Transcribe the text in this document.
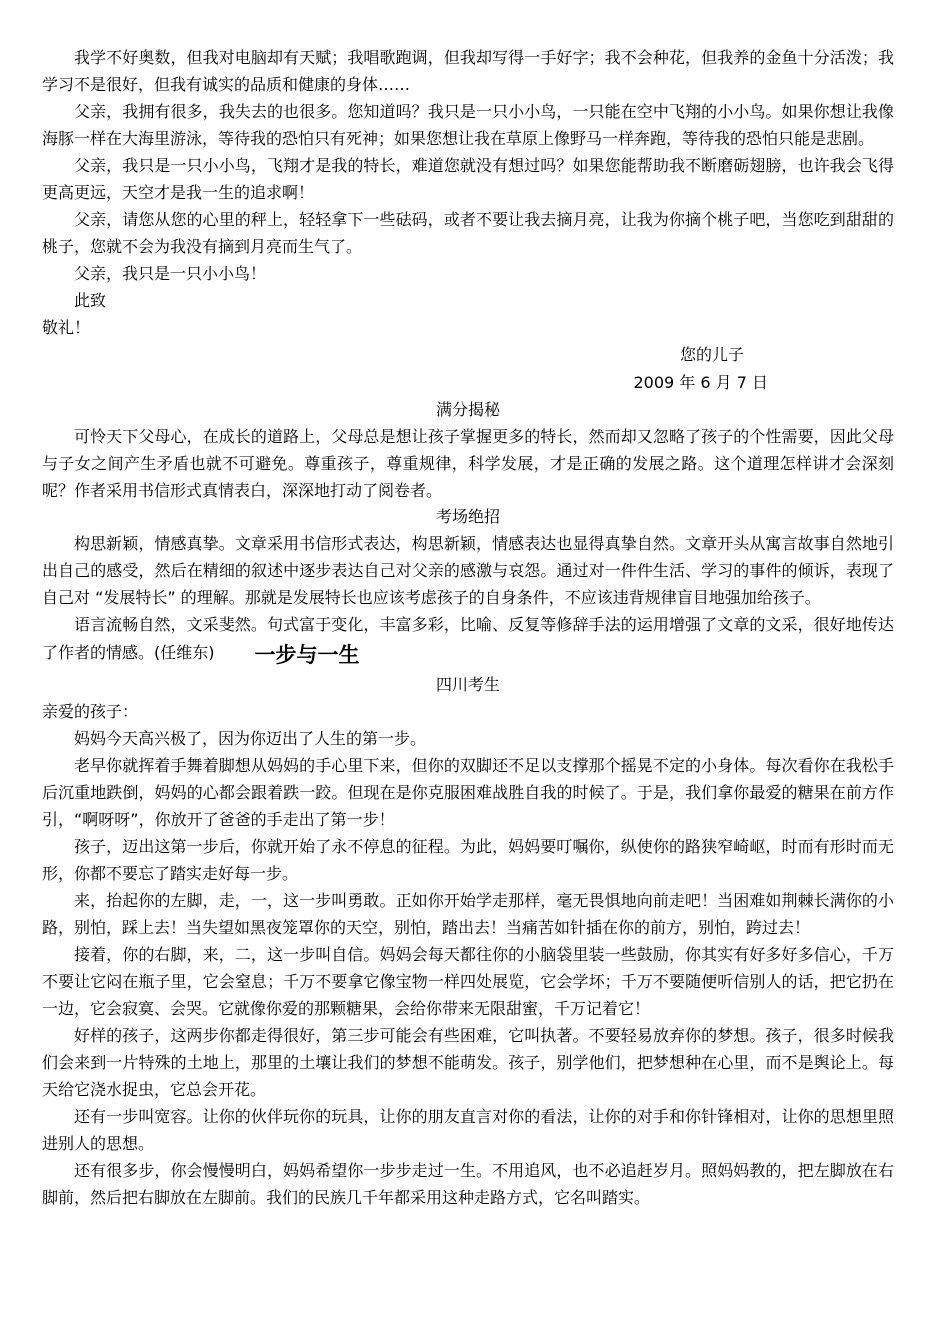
我学不好奥数，但我对电脑却有天赋；我唱歌跑调，但我却写得一手好字；我不会种花，但我养的金鱼十分活泼；我学习不是很好，但我有诚实的品质和健康的身体……

父亲，我拥有很多，我失去的也很多。您知道吗？我只是一只小小鸟，一只能在空中飞翔的小小鸟。如果你想让我像海豚一样在大海里游泳，等待我的恐怕只有死神；如果您想让我在草原上像野马一样奔跑，等待我的恐怕只能是悲剧。

父亲，我只是一只小小鸟，飞翔才是我的特长，难道您就没有想过吗？如果您能帮助我不断磨砺翅膀，也许我会飞得更高更远，天空才是我一生的追求啊！

父亲，请您从您的心里的秤上，轻轻拿下一些砝码，或者不要让我去摘月亮，让我为你摘个桃子吧，当您吃到甜甜的桃子，您就不会为我没有摘到月亮而生气了。

父亲，我只是一只小小鸟！

此致

敬礼！

您的儿子

2009 年 6 月 7 日

满分揭秘

可怜天下父母心，在成长的道路上，父母总是想让孩子掌握更多的特长，然而却又忽略了孩子的个性需要，因此父母与子女之间产生矛盾也就不可避免。尊重孩子，尊重规律，科学发展，才是正确的发展之路。这个道理怎样讲才会深刻呢？作者采用书信形式真情表白，深深地打动了阅卷者。

考场绝招

构思新颖，情感真挚。文章采用书信形式表达，构思新颖，情感表达也显得真挚自然。文章开头从寓言故事自然地引出自己的感受，然后在精细的叙述中逐步表达自己对父亲的感激与哀怨。通过对一件件生活、学习的事件的倾诉，表现了自己对 “发展特长” 的理解。那就是发展特长也应该考虑孩子的自身条件，不应该违背规律盲目地强加给孩子。

语言流畅自然，文采斐然。句式富于变化，丰富多彩，比喻、反复等修辞手法的运用增强了文章的文采，很好地传达了作者的情感。(任维东) 一步与一生

四川考生

亲爱的孩子：

妈妈今天高兴极了，因为你迈出了人生的第一步。

老早你就挥着手舞着脚想从妈妈的手心里下来，但你的双脚还不足以支撑那个摇晃不定的小身体。每次看你在我松手后沉重地跌倒，妈妈的心都会跟着跌一跤。但现在是你克服困难战胜自我的时候了。于是，我们拿你最爱的糖果在前方作引，“啊呀呀”，你放开了爸爸的手走出了第一步！

孩子，迈出这第一步后，你就开始了永不停息的征程。为此，妈妈要叮嘱你，纵使你的路狭窄崎岖，时而有形时而无形，你都不要忘了踏实走好每一步。

来，抬起你的左脚，走，一，这一步叫勇敢。正如你开始学走那样，毫无畏惧地向前走吧！当困难如荆棘长满你的小路，别怕，踩上去！当失望如黑夜笼罩你的天空，别怕，踏出去！当痛苦如针插在你的前方，别怕，跨过去！

接着，你的右脚，来，二，这一步叫自信。妈妈会每天都往你的小脑袋里装一些鼓励，你其实有好多好多信心，千万不要让它闷在瓶子里，它会窒息；千万不要拿它像宝物一样四处展览，它会学坏；千万不要随便听信别人的话，把它扔在一边，它会寂寞、会哭。它就像你爱的那颗糖果，会给你带来无限甜蜜，千万记着它！

好样的孩子，这两步你都走得很好，第三步可能会有些困难，它叫执著。不要轻易放弃你的梦想。孩子，很多时候我们会来到一片特殊的土地上，那里的土壤让我们的梦想不能萌发。孩子，别学他们，把梦想种在心里，而不是舆论上。每天给它浇水捉虫，它总会开花。

还有一步叫宽容。让你的伙伴玩你的玩具，让你的朋友直言对你的看法，让你的对手和你针锋相对，让你的思想里照进别人的思想。

还有很多步，你会慢慢明白，妈妈希望你一步步走过一生。不用追风，也不必追赶岁月。照妈妈教的，把左脚放在右脚前，然后把右脚放在左脚前。我们的民族几千年都采用这种走路方式，它名叫踏实。
